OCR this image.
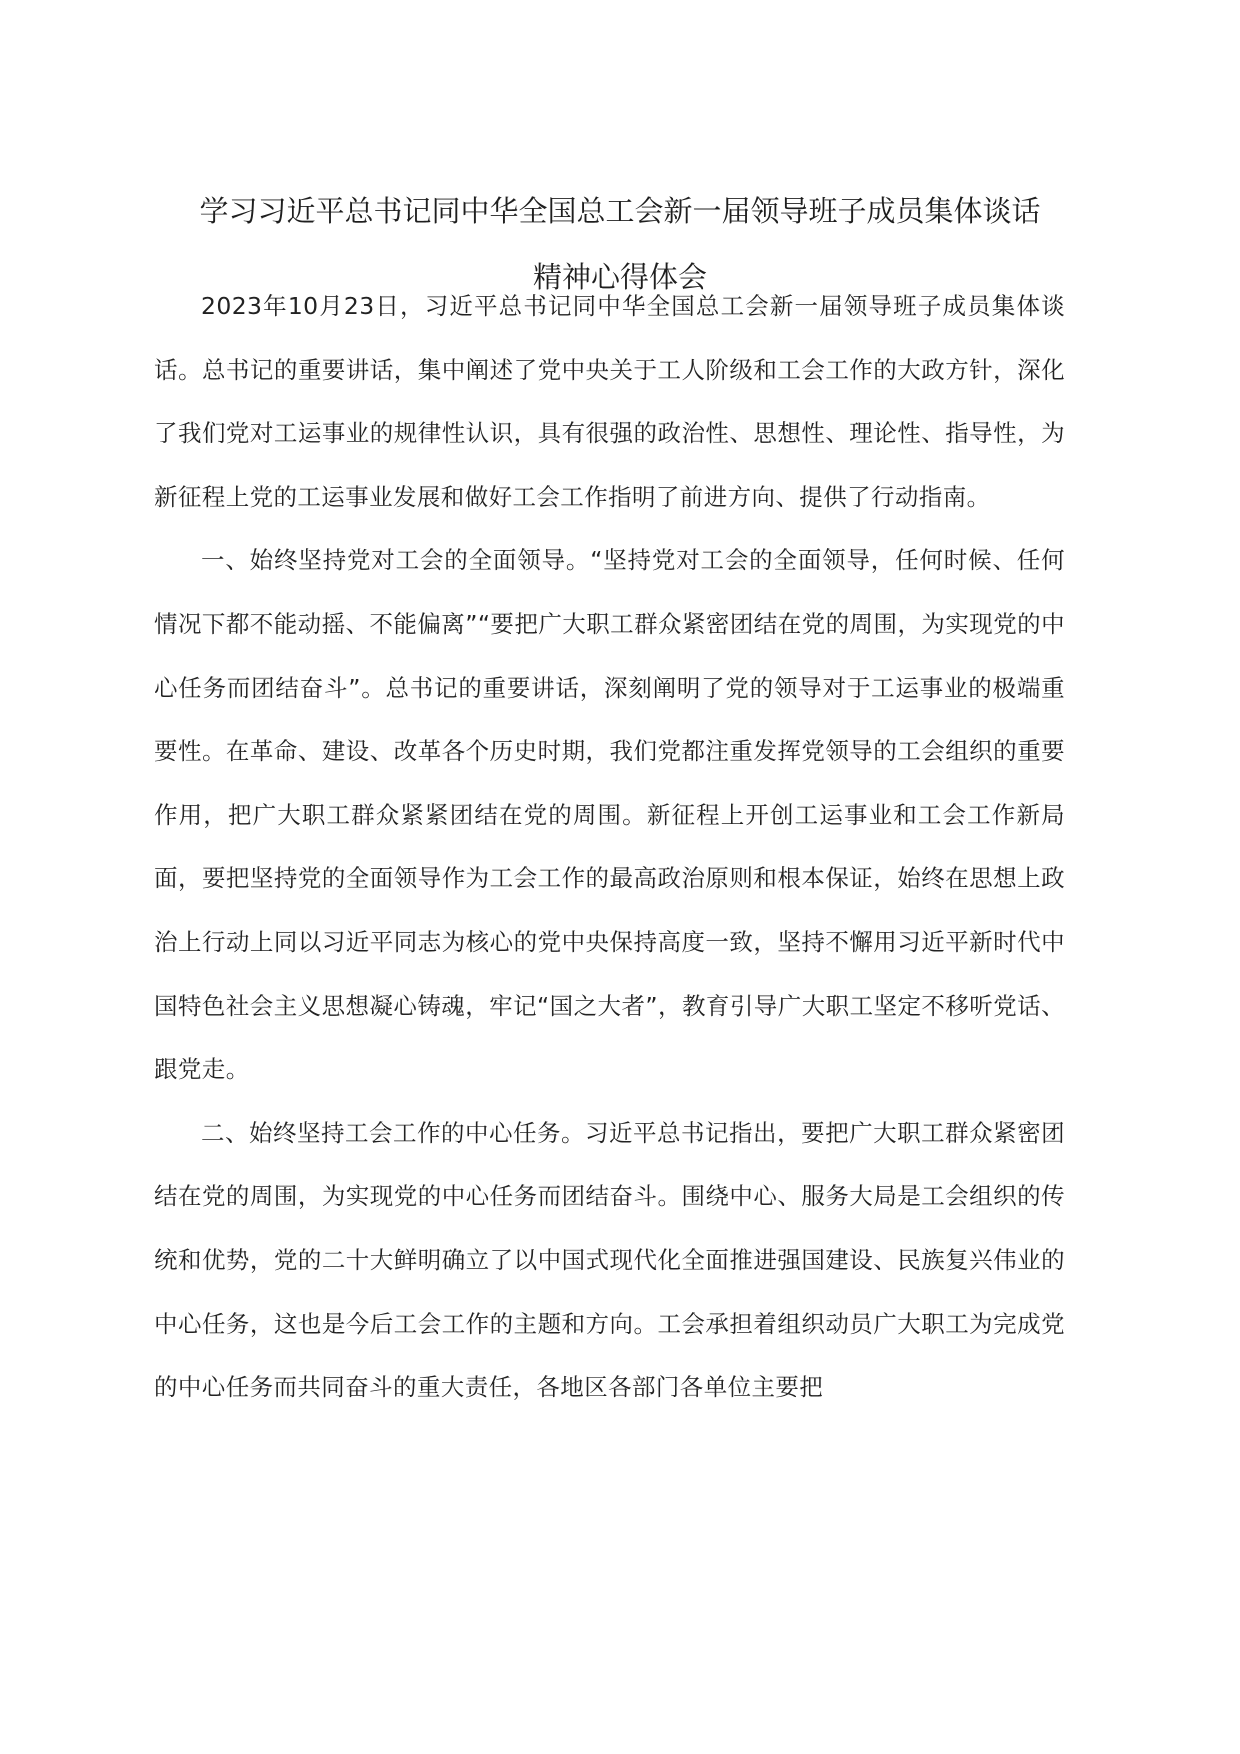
学习习近平总书记同中华全国总工会新一届领导班子成员集体谈话
精神心得体会

2023年10月23日，习近平总书记同中华全国总工会新一届领导班子成员集体谈话。总书记的重要讲话，集中阐述了党中央关于工人阶级和工会工作的大政方针，深化了我们党对工运事业的规律性认识，具有很强的政治性、思想性、理论性、指导性，为新征程上党的工运事业发展和做好工会工作指明了前进方向、提供了行动指南。

一、始终坚持党对工会的全面领导。“坚持党对工会的全面领导，任何时候、任何情况下都不能动摇、不能偏离”“要把广大职工群众紧密团结在党的周围，为实现党的中心任务而团结奋斗”。总书记的重要讲话，深刻阐明了党的领导对于工运事业的极端重要性。在革命、建设、改革各个历史时期，我们党都注重发挥党领导的工会组织的重要作用，把广大职工群众紧紧团结在党的周围。新征程上开创工运事业和工会工作新局面，要把坚持党的全面领导作为工会工作的最高政治原则和根本保证，始终在思想上政治上行动上同以习近平同志为核心的党中央保持高度一致，坚持不懈用习近平新时代中国特色社会主义思想凝心铸魂，牢记“国之大者”，教育引导广大职工坚定不移听党话、跟党走。

二、始终坚持工会工作的中心任务。习近平总书记指出，要把广大职工群众紧密团结在党的周围，为实现党的中心任务而团结奋斗。围绕中心、服务大局是工会组织的传统和优势，党的二十大鲜明确立了以中国式现代化全面推进强国建设、民族复兴伟业的中心任务，这也是今后工会工作的主题和方向。工会承担着组织动员广大职工为完成党的中心任务而共同奋斗的重大责任，各地区各部门各单位主要把
